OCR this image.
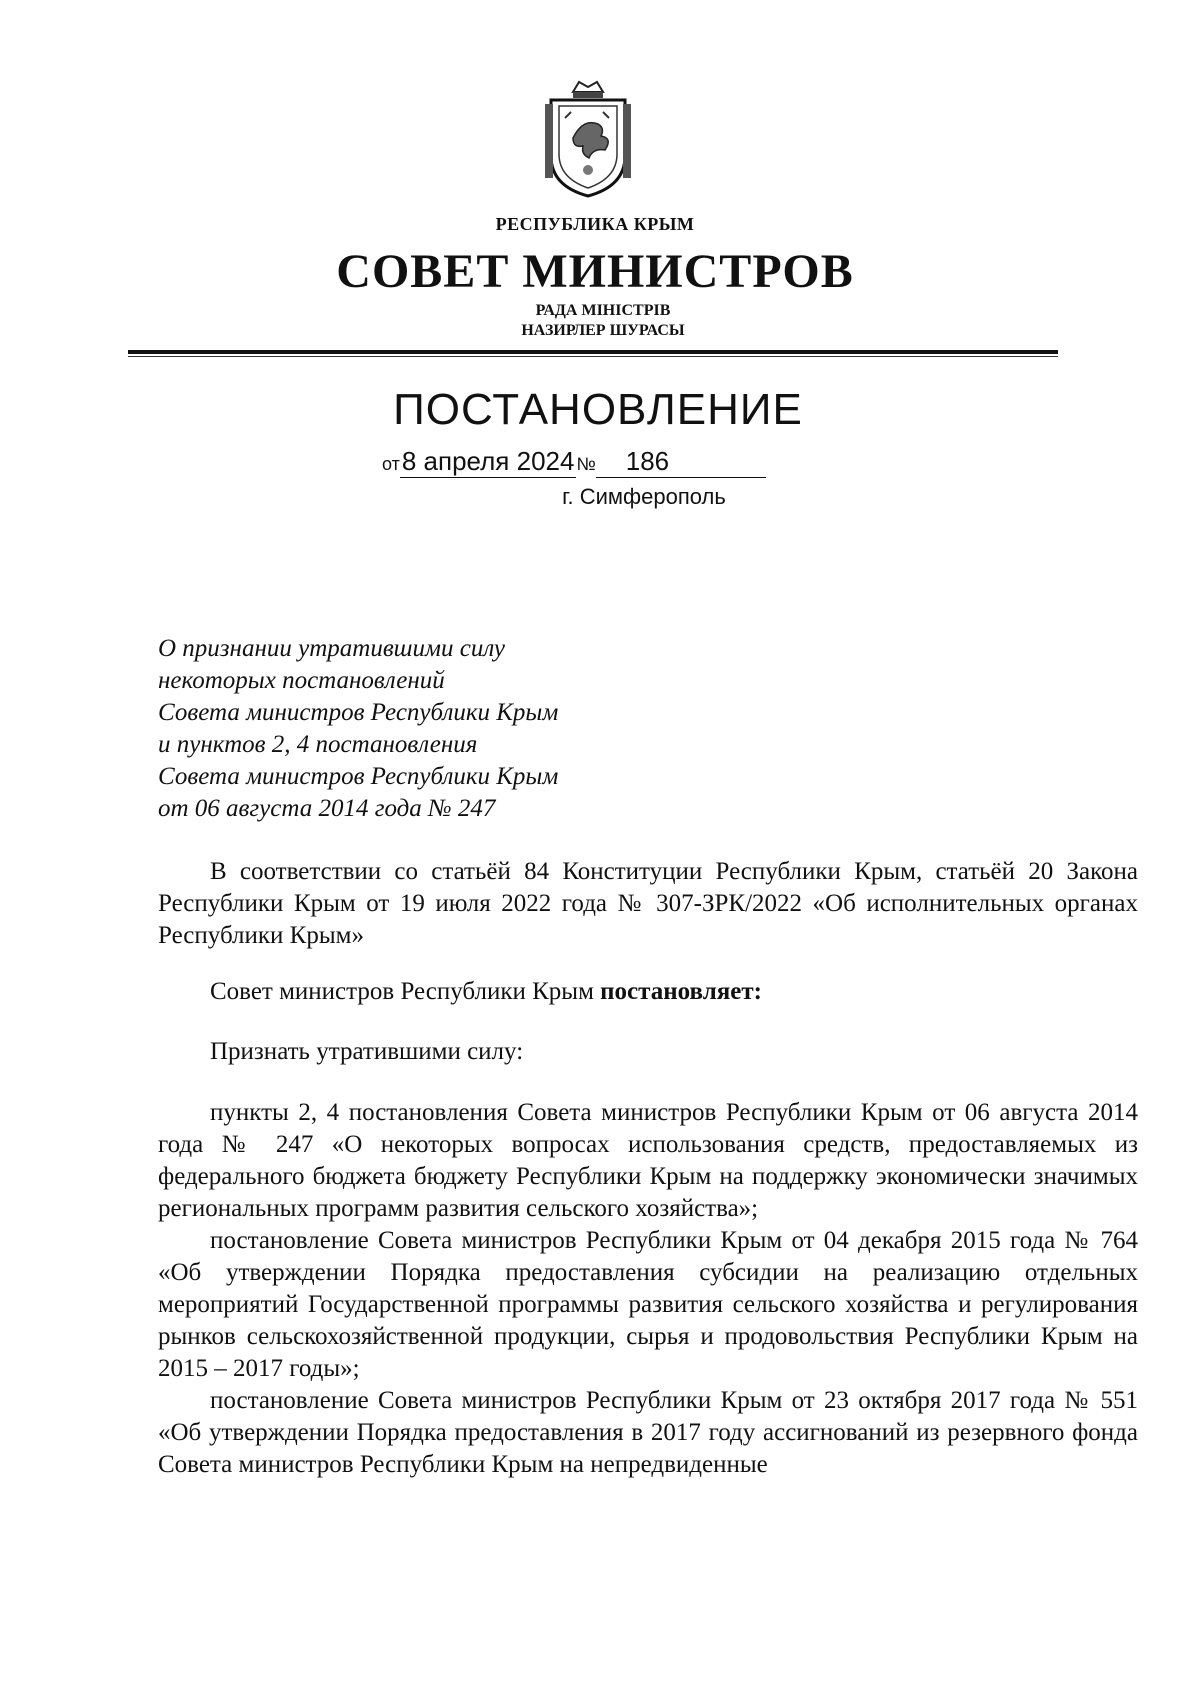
РЕСПУБЛИКА КРЫМ
СОВЕТ МИНИСТРОВ
РАДА МІНІСТРІВ
НАЗИРЛЕР ШУРАСЫ
ПОСТАНОВЛЕНИЕ
от8 апреля 2024 № 186
г. Симферополь
О признании утратившими силу
некоторых постановлений
Совета министров Республики Крым
и пунктов 2, 4 постановления
Совета министров Республики Крым
от 06 августа 2014 года № 247

В соответствии со статьёй 84 Конституции Республики Крым, статьёй 20 Закона Республики Крым от 19 июля 2022 года № 307-ЗРК/2022 «Об исполнительных органах Республики Крым»

Совет министров Республики Крым постановляет:

Признать утратившими силу:

пункты 2, 4 постановления Совета министров Республики Крым от 06 августа 2014 года № 247 «О некоторых вопросах использования средств, предоставляемых из федерального бюджета бюджету Республики Крым на поддержку экономически значимых региональных программ развития сельского хозяйства»;

постановление Совета министров Республики Крым от 04 декабря 2015 года № 764 «Об утверждении Порядка предоставления субсидии на реализацию отдельных мероприятий Государственной программы развития сельского хозяйства и регулирования рынков сельскохозяйственной продукции, сырья и продовольствия Республики Крым на 2015 – 2017 годы»;

постановление Совета министров Республики Крым от 23 октября 2017 года № 551 «Об утверждении Порядка предоставления в 2017 году ассигнований из резервного фонда Совета министров Республики Крым на непредвиденные
